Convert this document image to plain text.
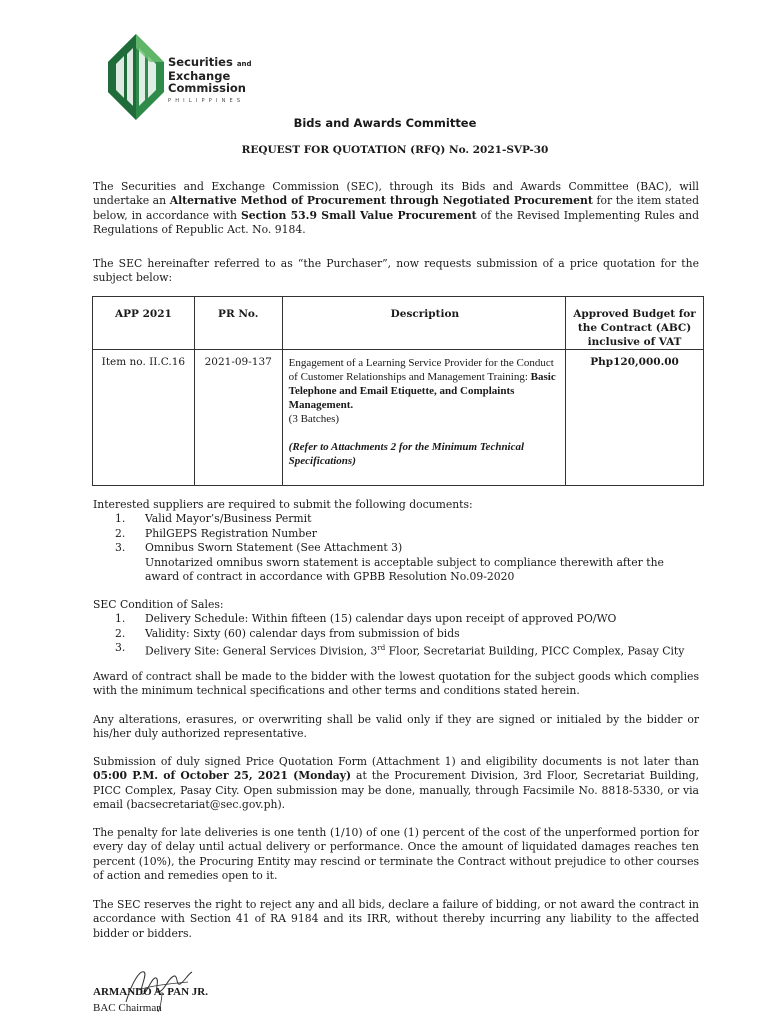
Securities and
Exchange
Commission
PHILIPPINES
Bids and Awards Committee
REQUEST FOR QUOTATION (RFQ) No. 2021-SVP-30
The Securities and Exchange Commission (SEC), through its Bids and Awards Committee (BAC), will undertake an Alternative Method of Procurement through Negotiated Procurement for the item stated below, in accordance with Section 53.9 Small Value Procurement of the Revised Implementing Rules and Regulations of Republic Act. No. 9184.
The SEC hereinafter referred to as “the Purchaser”, now requests submission of a price quotation for the subject below:
APP 2021	PR No.	Description	Approved Budget for
the Contract (ABC)
inclusive of VAT

Item no. II.C.16	2021-09-137	Engagement of a Learning Service Provider for the Conduct of Customer Relationships and Management Training: Basic Telephone and Email Etiquette, and Complaints Management.
(3 Batches)
(Refer to Attachments 2 for the Minimum Technical Specifications)	Php120,000.00
Interested suppliers are required to submit the following documents:
1. Valid Mayor’s/Business Permit
2. PhilGEPS Registration Number
3. Omnibus Sworn Statement (See Attachment 3)
Unnotarized omnibus sworn statement is acceptable subject to compliance therewith after the award of contract in accordance with GPBB Resolution No.09-2020
SEC Condition of Sales:
1. Delivery Schedule: Within fifteen (15) calendar days upon receipt of approved PO/WO
2. Validity: Sixty (60) calendar days from submission of bids
3. Delivery Site: General Services Division, 3rd Floor, Secretariat Building, PICC Complex, Pasay City
Award of contract shall be made to the bidder with the lowest quotation for the subject goods which complies with the minimum technical specifications and other terms and conditions stated herein.
Any alterations, erasures, or overwriting shall be valid only if they are signed or initialed by the bidder or his/her duly authorized representative.
Submission of duly signed Price Quotation Form (Attachment 1) and eligibility documents is not later than 05:00 P.M. of October 25, 2021 (Monday) at the Procurement Division, 3rd Floor, Secretariat Building, PICC Complex, Pasay City. Open submission may be done, manually, through Facsimile No. 8818-5330, or via email (bacsecretariat@sec.gov.ph).
The penalty for late deliveries is one tenth (1/10) of one (1) percent of the cost of the unperformed portion for every day of delay until actual delivery or performance. Once the amount of liquidated damages reaches ten percent (10%), the Procuring Entity may rescind or terminate the Contract without prejudice to other courses of action and remedies open to it.
The SEC reserves the right to reject any and all bids, declare a failure of bidding, or not award the contract in accordance with Section 41 of RA 9184 and its IRR, without thereby incurring any liability to the affected bidder or bidders.
ARMANDO A. PAN JR.
BAC Chairman
